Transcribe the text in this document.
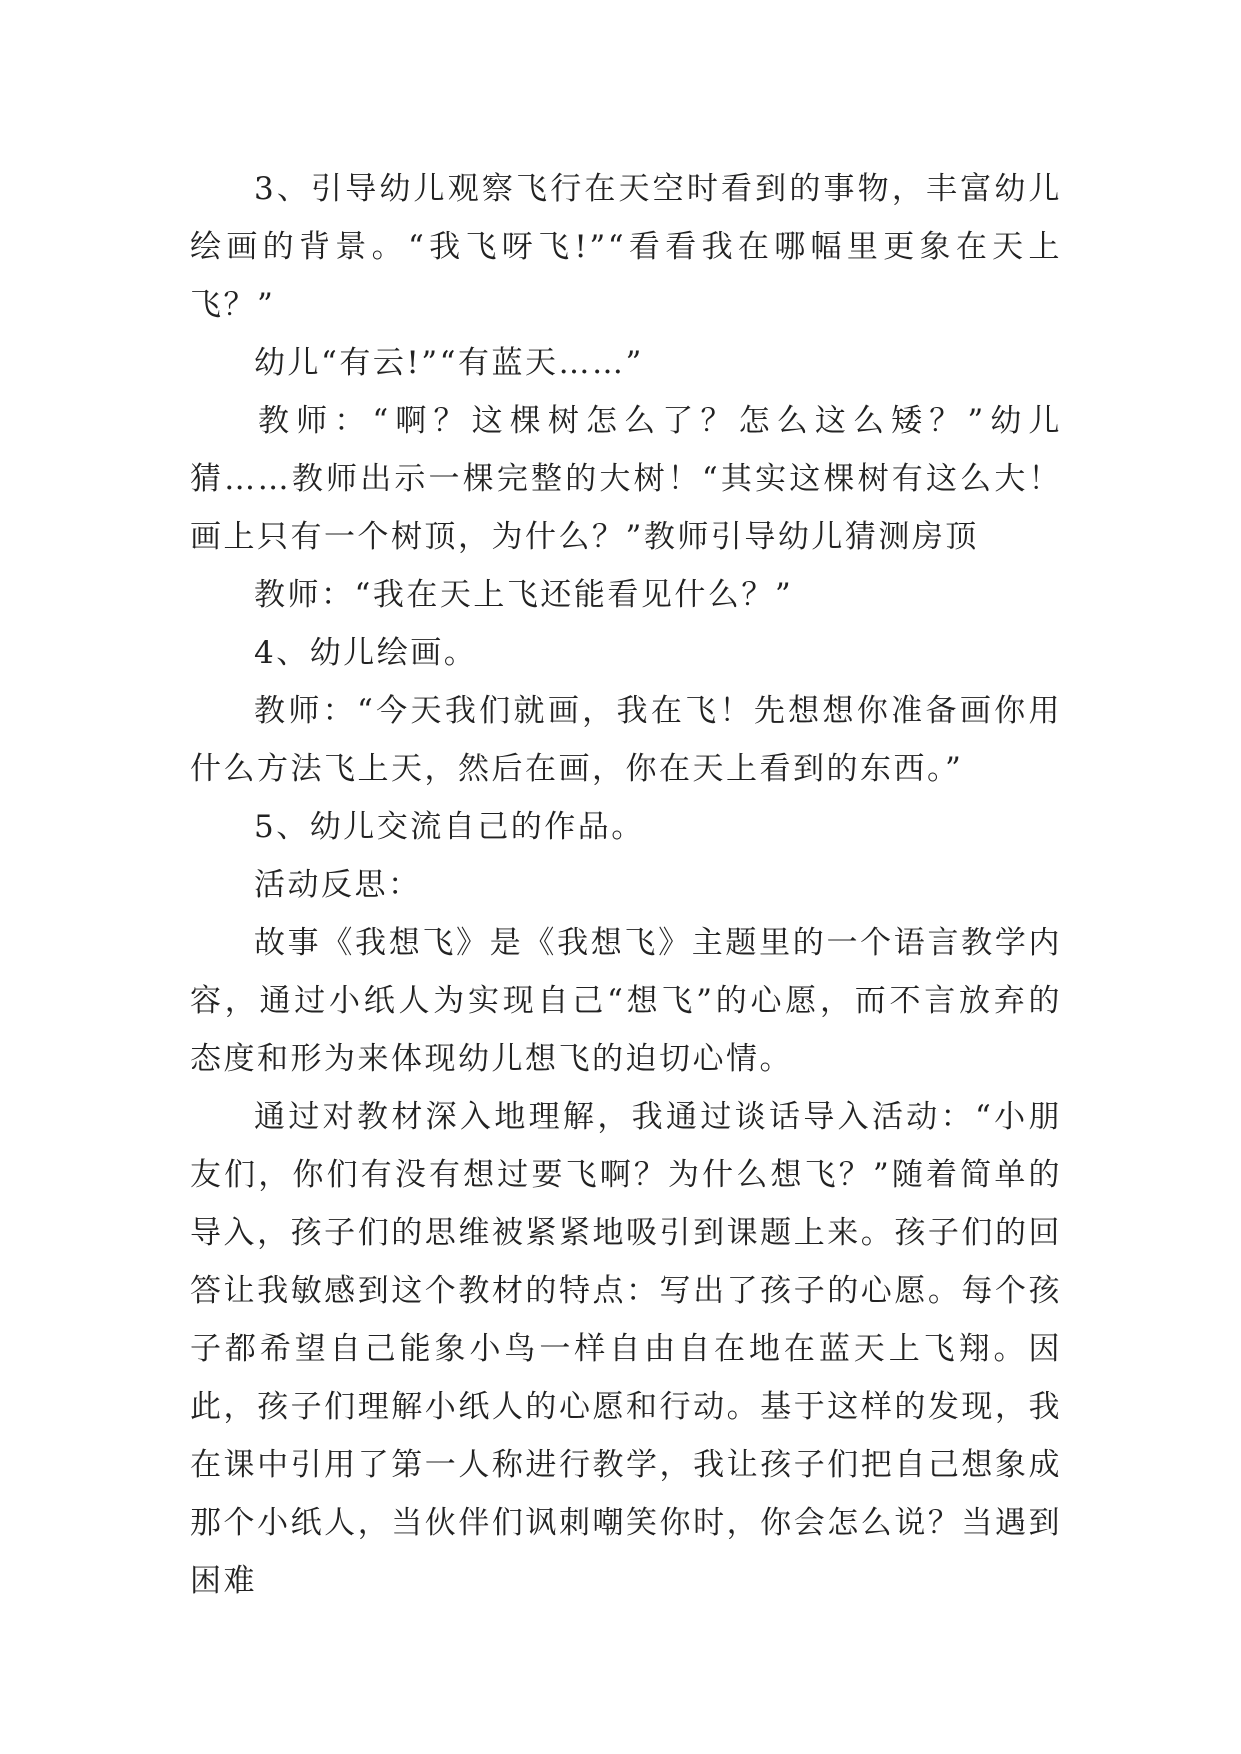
3、引导幼儿观察飞行在天空时看到的事物，丰富幼儿绘画的背景。“我飞呀飞!”“看看我在哪幅里更象在天上飞？”

幼儿“有云!”“有蓝天……”

教师：“啊？这棵树怎么了？怎么这么矮？”幼儿猜……教师出示一棵完整的大树！“其实这棵树有这么大！画上只有一个树顶，为什么？”教师引导幼儿猜测房顶

教师：“我在天上飞还能看见什么？”

4、幼儿绘画。

教师：“今天我们就画，我在飞！先想想你准备画你用什么方法飞上天，然后在画，你在天上看到的东西。”

5、幼儿交流自己的作品。

活动反思：

故事《我想飞》是《我想飞》主题里的一个语言教学内容，通过小纸人为实现自己“想飞”的心愿，而不言放弃的态度和形为来体现幼儿想飞的迫切心情。

通过对教材深入地理解，我通过谈话导入活动：“小朋友们，你们有没有想过要飞啊？为什么想飞？”随着简单的导入，孩子们的思维被紧紧地吸引到课题上来。孩子们的回答让我敏感到这个教材的特点：写出了孩子的心愿。每个孩子都希望自己能象小鸟一样自由自在地在蓝天上飞翔。因此，孩子们理解小纸人的心愿和行动。基于这样的发现，我在课中引用了第一人称进行教学，我让孩子们把自己想象成那个小纸人，当伙伴们讽刺嘲笑你时，你会怎么说？当遇到困难
